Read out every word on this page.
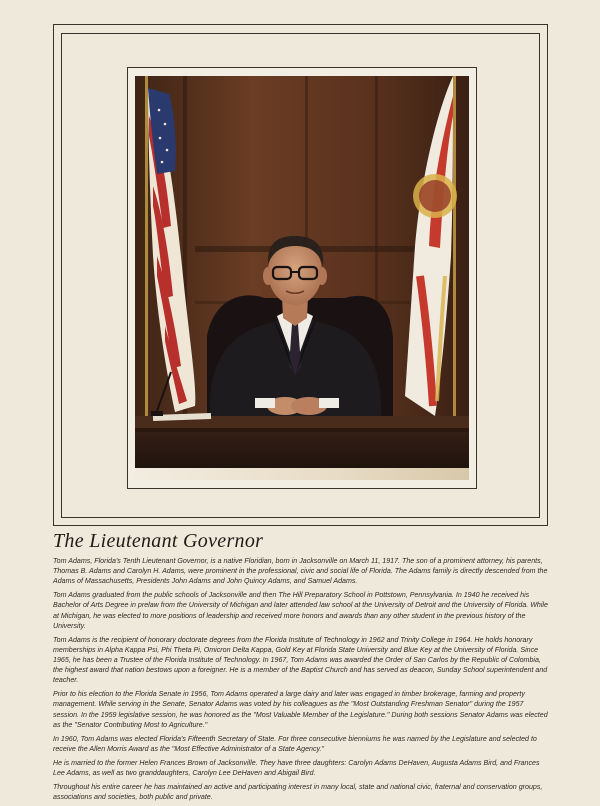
The Lieutenant Governor

Tom Adams, Florida's Tenth Lieutenant Governor, is a native Floridian, born in Jacksonville on March 11, 1917. The son of a prominent attorney, his parents, Thomas B. Adams and Carolyn H. Adams, were prominent in the professional, civic and social life of Florida. The Adams family is directly descended from the Adams of Massachusetts, Presidents John Adams and John Quincy Adams, and Samuel Adams.

Tom Adams graduated from the public schools of Jacksonville and then The Hill Preparatory School in Pottstown, Pennsylvania. In 1940 he received his Bachelor of Arts Degree in prelaw from the University of Michigan and later attended law school at the University of Detroit and the University of Florida. While at Michigan, he was elected to more positions of leadership and received more honors and awards than any other student in the previous history of the University.

Tom Adams is the recipient of honorary doctorate degrees from the Florida Institute of Technology in 1962 and Trinity College in 1964. He holds honorary memberships in Alpha Kappa Psi, Phi Theta Pi, Omicron Delta Kappa, Gold Key at Florida State University and Blue Key at the University of Florida. Since 1965, he has been a Trustee of the Florida Institute of Technology. In 1967, Tom Adams was awarded the Order of San Carlos by the Republic of Colombia, the highest award that nation bestows upon a foreigner. He is a member of the Baptist Church and has served as deacon, Sunday School superintendent and teacher.

Prior to his election to the Florida Senate in 1956, Tom Adams operated a large dairy and later was engaged in timber brokerage, farming and property management. While serving in the Senate, Senator Adams was voted by his colleagues as the "Most Outstanding Freshman Senator" during the 1957 session. In the 1959 legislative session, he was honored as the "Most Valuable Member of the Legislature." During both sessions Senator Adams was elected as the "Senator Contributing Most to Agriculture."

In 1960, Tom Adams was elected Florida's Fifteenth Secretary of State. For three consecutive bienniums he was named by the Legislature and selected to receive the Allen Morris Award as the "Most Effective Administrator of a State Agency."

He is married to the former Helen Frances Brown of Jacksonville. They have three daughters: Carolyn Adams DeHaven, Augusta Adams Bird, and Frances Lee Adams, as well as two granddaughters, Carolyn Lee DeHaven and Abigail Bird.

Throughout his entire career he has maintained an active and participating interest in many local, state and national civic, fraternal and conservation groups, associations and societies, both public and private.
